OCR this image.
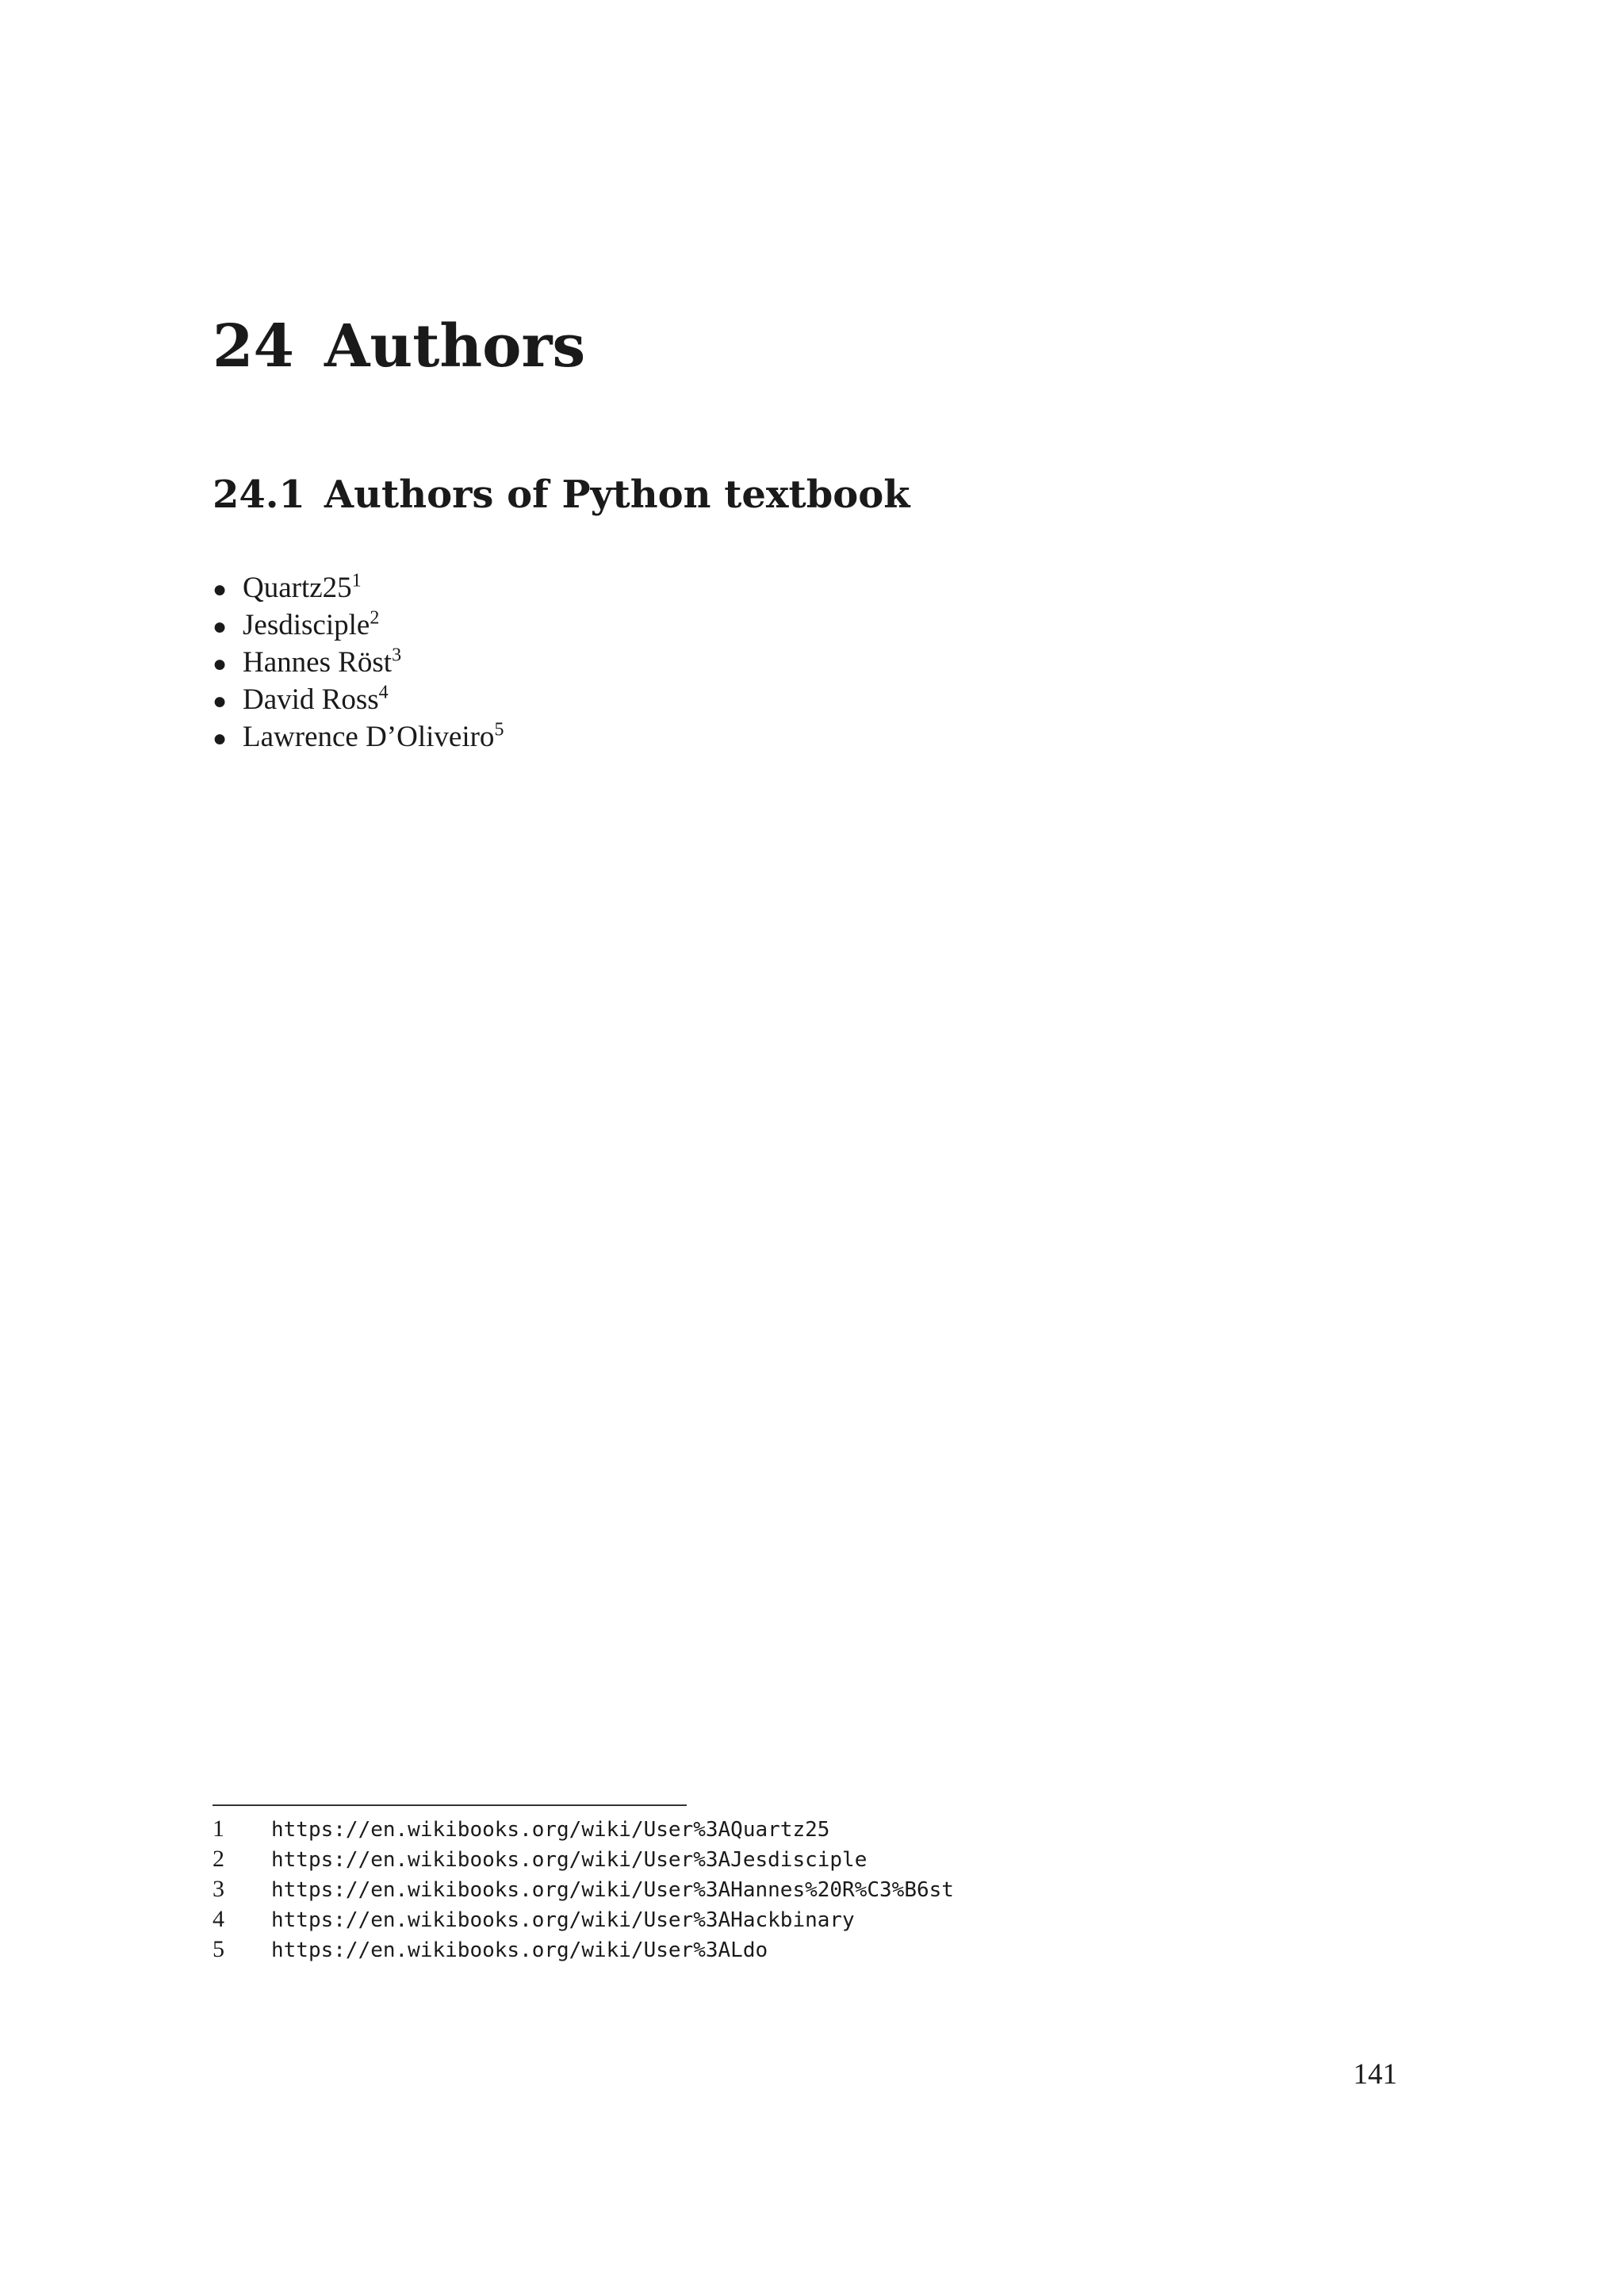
24 Authors
24.1 Authors of Python textbook
● $Quartz25^1$
● Jesdisciple$^2$
● Hannes Röst$^3$
● David Ross$^4$
● Lawrence D’Oliveiro$^5$
1 https://en.wikibooks.org/wiki/User%3AQuartz25
2 https://en.wikibooks.org/wiki/User%3AJesdisciple
3 https://en.wikibooks.org/wiki/User%3AHannes%20R%C3%B6st
4 https://en.wikibooks.org/wiki/User%3AHackbinary
5 https://en.wikibooks.org/wiki/User%3ALdo
141
